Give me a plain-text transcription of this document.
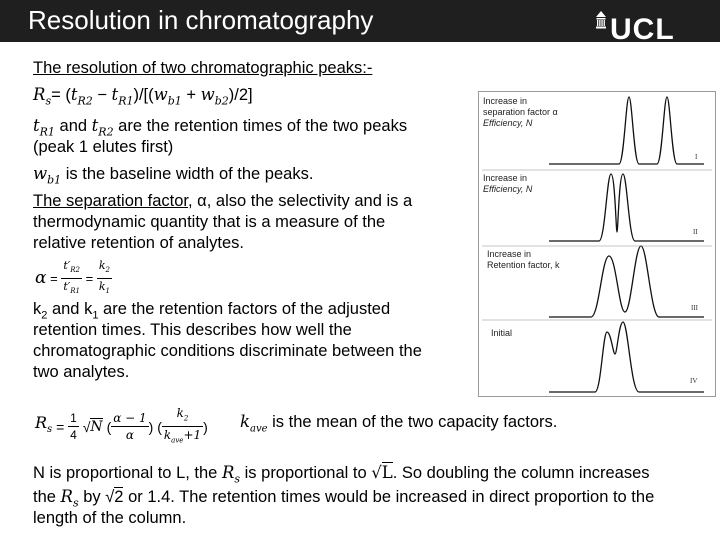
Resolution in chromatography	UCL
The resolution of two chromatographic peaks:-
$R_s= (t_{R2} - t_{R1})/[(w_{b1} + w_{b2})/2]$
$t_{R1}$ and $t_{R2}$ are the retention times of the two peaks
(peak 1 elutes first)
$w_{b1}$ is the baseline width of the peaks.
The separation factor, α, also the selectivity and is a
thermodynamic quantity that is a measure of the
relative retention of analytes.
$\alpha = \frac{t'_{R2}}{t'_{R1}} = \frac{k_2}{k_1}$
$k_2$ and $k_1$ are the retention factors of the adjusted
retention times. This describes how well the
chromatographic conditions discriminate between the
two analytes.
$R_s = \frac{1}{4} √N$ ( $\frac{\alpha - 1}{\alpha}$ ) ( $\frac{k_2}{k_{ave}+1}$ ) $k_{ave}$ is the mean of the two capacity factors.
N is proportional to L, the $R_s$ is proportional to √L. So doubling the column increases
the $R_s$ by √2 or 1.4. The retention times would be increased in direct proportion to the
length of the column.
Increase in
separation factor α
Efficiency, N
Increase in
Efficiency, N
Increase in
Retention factor, k
Initial
I
II
III
IV
